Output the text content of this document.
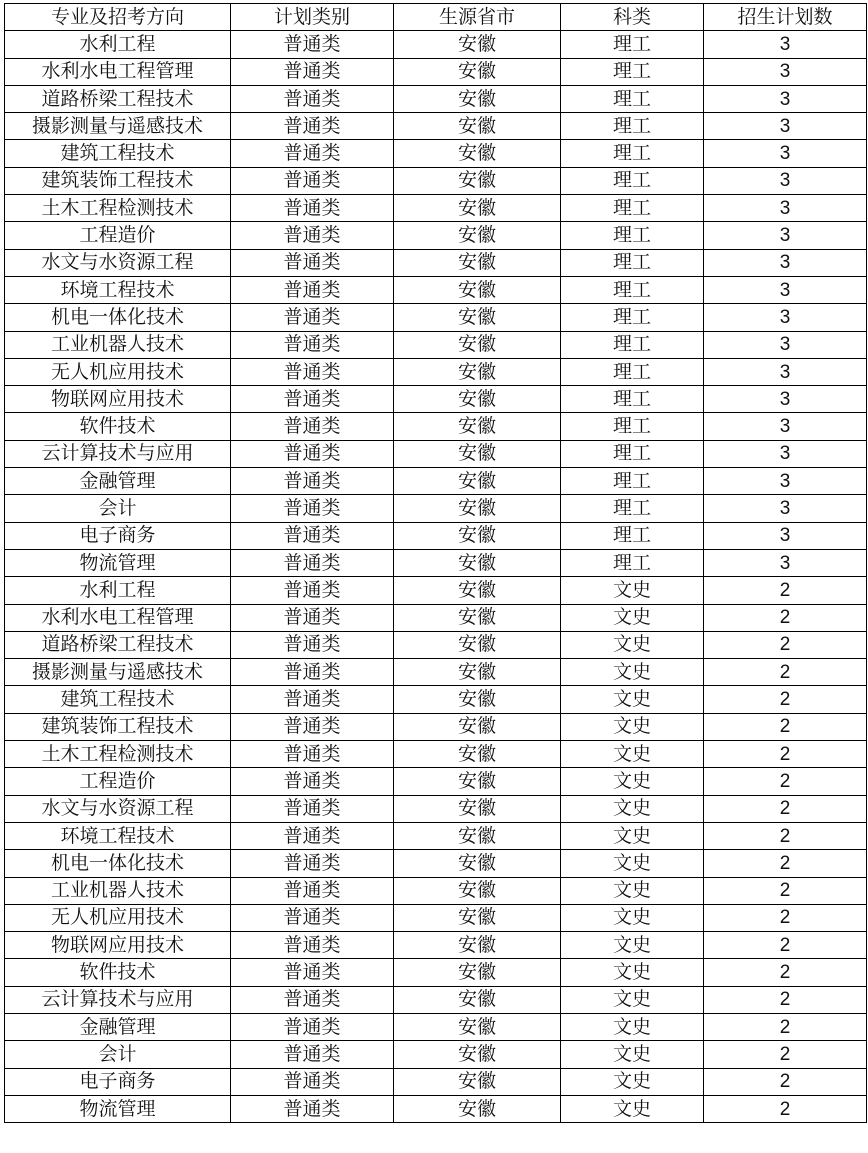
专业及招考方向	计划类别	生源省市	科类	招生计划数
水利工程	普通类	安徽	理工	3
水利水电工程管理	普通类	安徽	理工	3
道路桥梁工程技术	普通类	安徽	理工	3
摄影测量与遥感技术	普通类	安徽	理工	3
建筑工程技术	普通类	安徽	理工	3
建筑装饰工程技术	普通类	安徽	理工	3
土木工程检测技术	普通类	安徽	理工	3
工程造价	普通类	安徽	理工	3
水文与水资源工程	普通类	安徽	理工	3
环境工程技术	普通类	安徽	理工	3
机电一体化技术	普通类	安徽	理工	3
工业机器人技术	普通类	安徽	理工	3
无人机应用技术	普通类	安徽	理工	3
物联网应用技术	普通类	安徽	理工	3
软件技术	普通类	安徽	理工	3
云计算技术与应用	普通类	安徽	理工	3
金融管理	普通类	安徽	理工	3
会计	普通类	安徽	理工	3
电子商务	普通类	安徽	理工	3
物流管理	普通类	安徽	理工	3
水利工程	普通类	安徽	文史	2
水利水电工程管理	普通类	安徽	文史	2
道路桥梁工程技术	普通类	安徽	文史	2
摄影测量与遥感技术	普通类	安徽	文史	2
建筑工程技术	普通类	安徽	文史	2
建筑装饰工程技术	普通类	安徽	文史	2
土木工程检测技术	普通类	安徽	文史	2
工程造价	普通类	安徽	文史	2
水文与水资源工程	普通类	安徽	文史	2
环境工程技术	普通类	安徽	文史	2
机电一体化技术	普通类	安徽	文史	2
工业机器人技术	普通类	安徽	文史	2
无人机应用技术	普通类	安徽	文史	2
物联网应用技术	普通类	安徽	文史	2
软件技术	普通类	安徽	文史	2
云计算技术与应用	普通类	安徽	文史	2
金融管理	普通类	安徽	文史	2
会计	普通类	安徽	文史	2
电子商务	普通类	安徽	文史	2
物流管理	普通类	安徽	文史	2
